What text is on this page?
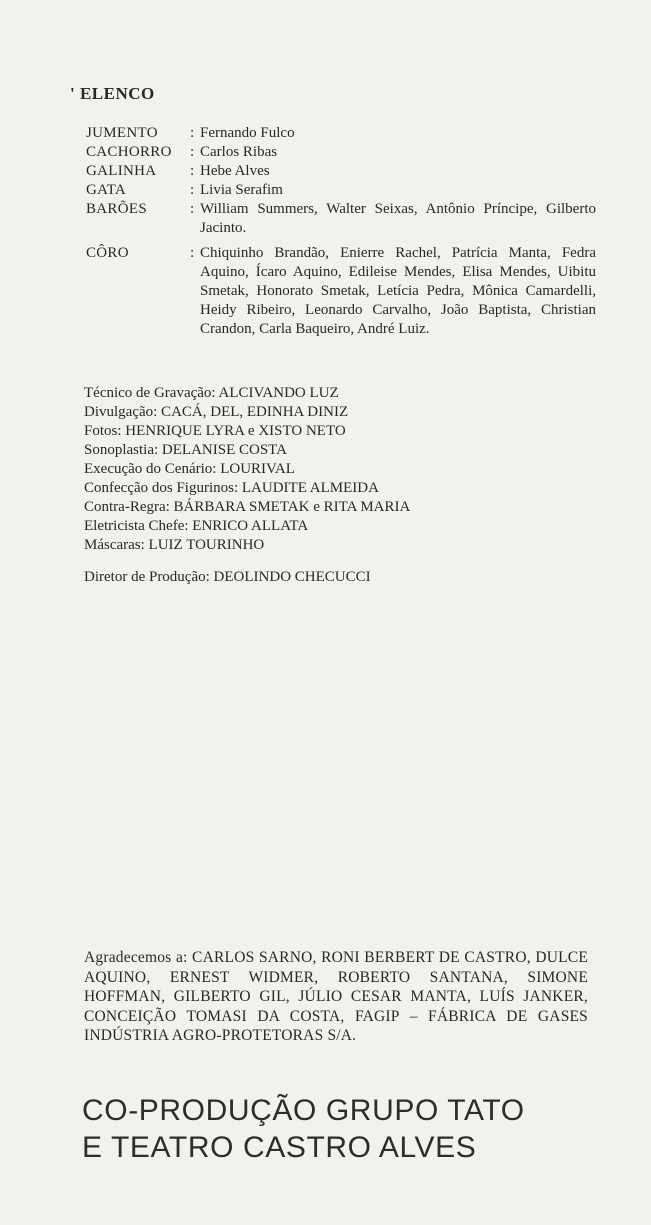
' ELENCO
JUMENTO	: Fernando Fulco
CACHORRO	: Carlos Ribas
GALINHA	: Hebe Alves
GATA	: Livia Serafim
BARÕES	: William Summers, Walter Seixas, Antônio Príncipe, Gilberto Jacinto.
CÔRO	: Chiquinho Brandão, Enierre Rachel, Patrícia Manta, Fedra Aquino, Ícaro Aquino, Edileise Mendes, Elisa Mendes, Uibitu Smetak, Honorato Smetak, Letícia Pedra, Mônica Camardelli, Heidy Ribeiro, Leonardo Carvalho, João Baptista, Christian Crandon, Carla Baqueiro, André Luiz.
Técnico de Gravação: ALCIVANDO LUZ
Divulgação: CACÁ, DEL, EDINHA DINIZ
Fotos: HENRIQUE LYRA e XISTO NETO
Sonoplastia: DELANISE COSTA
Execução do Cenário: LOURIVAL
Confecção dos Figurinos: LAUDITE ALMEIDA
Contra-Regra: BÁRBARA SMETAK e RITA MARIA
Eletricista Chefe: ENRICO ALLATA
Máscaras: LUIZ TOURINHO
Diretor de Produção: DEOLINDO CHECUCCI
Agradecemos a: CARLOS SARNO, RONI BERBERT DE CASTRO, DULCE AQUINO, ERNEST WIDMER, ROBERTO SANTANA, SIMONE HOFFMAN, GILBERTO GIL, JÚLIO CESAR MANTA, LUÍS JANKER, CONCEIÇÃO TOMASI DA COSTA, FAGIP – FÁBRICA DE GASES INDÚSTRIA AGRO-PROTETORAS S/A.
CO-PRODUÇÃO GRUPO TATO
E TEATRO CASTRO ALVES
